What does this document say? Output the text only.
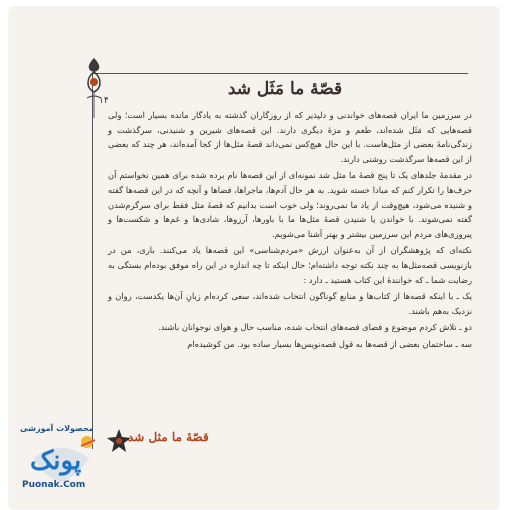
۱۴
قصّهٔ ما مَثَل شد

در سرزمین ما ایران قصه‌های خواندنی و دلپذیر که از روزگاران گذشته به یادگار مانده بسیار است؛ ولی قصه‌هایی که مَثَل شده‌اند، طعم و مزهٔ دیگری دارند. این قصه‌های شیرین و شنیدنی، سرگذشت و زندگی‌نامهٔ بعضی از مثل‌هاست. با این حال هیچ‌کس نمی‌داند قصهٔ مثل‌ها از کجا آمده‌اند، هر چند که بعضی از این قصه‌ها سرگذشت روشنی دارند.

در مقدمهٔ جلدهای یک تا پنج قصهٔ ما مثل شد نمونه‌ای از این قصه‌ها نام برده شده برای همین نخواستم آن حرف‌ها را تکرار کنم که مبادا خسته شوید. به هر حال آدم‌ها، ماجراها، فضاها و آنچه که در این قصه‌ها گفته و شنیده می‌شود، هیچ‌وقت از یاد ما نمی‌روند؛ ولی خوب است بدانیم که قصهٔ مثل فقط برای سرگرم‌شدن گفته نمی‌شوند. با خواندن یا شنیدن قصهٔ مثل‌ها ما با باورها، آرزوها، شادی‌ها و غم‌ها و شکست‌ها و پیروزی‌های مردم این سرزمین بیشتر و بهتر آشنا می‌شویم.

نکته‌ای که پژوهشگران از آن به‌عنوان ارزش «مردم‌شناسی» این قصه‌ها یاد می‌کنند. باری، من در بازنویسی قصه‌مثل‌ها به چند نکته توجه داشته‌ام؛ حال اینکه تا چه اندازه در این راه موفق بوده‌ام بستگی به رضایت شما ـ که خوانندهٔ این کتاب هستید ـ دارد :

یک ـ با اینکه قصه‌ها از کتاب‌ها و منابع گوناگون انتخاب شده‌اند، سعی کرده‌ام زبانِ آن‌ها یکدست، روان و نزدیک به‌هم باشند.

دو ـ تلاش کردم موضوع و فضای قصه‌های انتخاب شده، مناسب حال و هوای نوجوانان باشند.

سه ـ ساختمان بعضی از قصه‌ها به قول قصه‌نویس‌ها بسیار ساده بود. من کوشیده‌ام

قصّهٔ ما مثل شد
محصولات آموزشی
پونک
Puonak.Com
